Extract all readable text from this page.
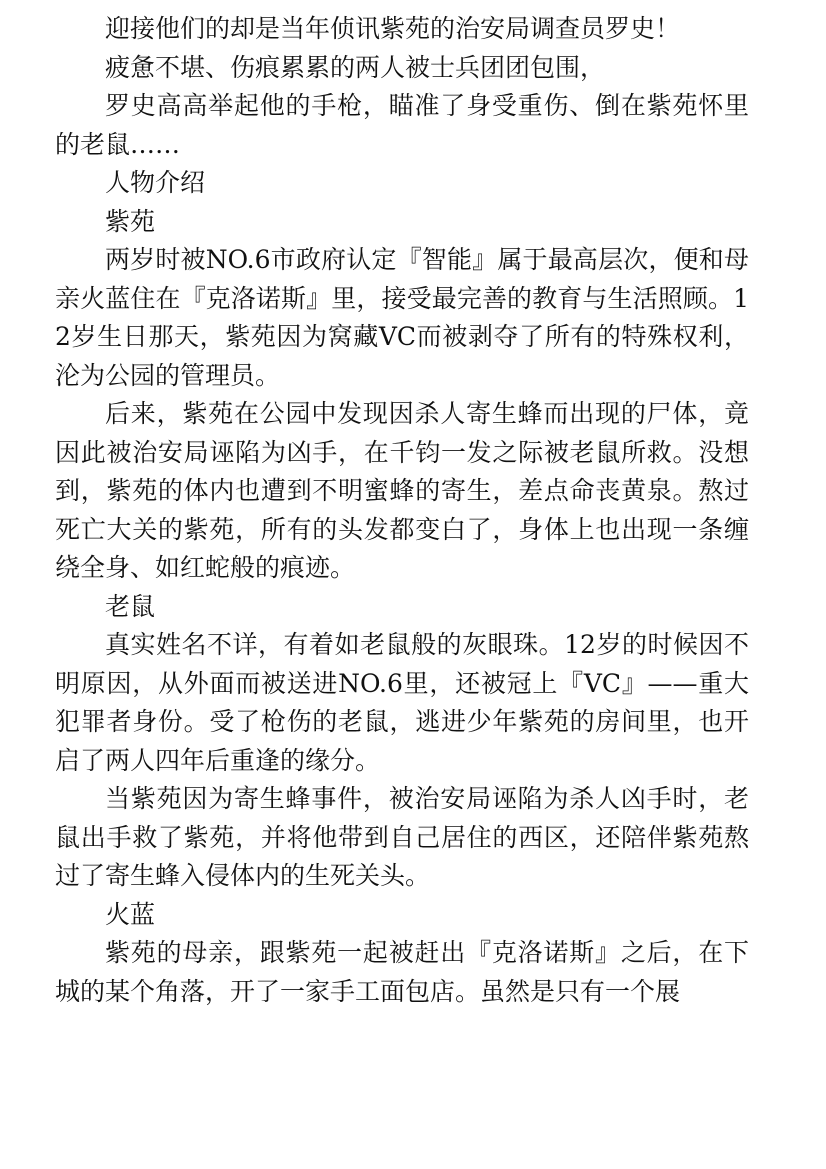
迎接他们的却是当年侦讯紫苑的治安局调查员罗史！

疲惫不堪、伤痕累累的两人被士兵团团包围，

罗史高高举起他的手枪，瞄准了身受重伤、倒在紫苑怀里的老鼠……

人物介绍

紫苑

两岁时被NO.6市政府认定『智能』属于最高层次，便和母亲火蓝住在『克洛诺斯』里，接受最完善的教育与生活照顾。12岁生日那天，紫苑因为窝藏VC而被剥夺了所有的特殊权利，沦为公园的管理员。

后来，紫苑在公园中发现因杀人寄生蜂而出现的尸体，竟因此被治安局诬陷为凶手，在千钧一发之际被老鼠所救。没想到，紫苑的体内也遭到不明蜜蜂的寄生，差点命丧黄泉。熬过死亡大关的紫苑，所有的头发都变白了，身体上也出现一条缠绕全身、如红蛇般的痕迹。

老鼠

真实姓名不详，有着如老鼠般的灰眼珠。12岁的时候因不明原因，从外面而被送进NO.6里，还被冠上『VC』——重大犯罪者身份。受了枪伤的老鼠，逃进少年紫苑的房间里，也开启了两人四年后重逢的缘分。

当紫苑因为寄生蜂事件，被治安局诬陷为杀人凶手时，老鼠出手救了紫苑，并将他带到自己居住的西区，还陪伴紫苑熬过了寄生蜂入侵体内的生死关头。

火蓝

紫苑的母亲，跟紫苑一起被赶出『克洛诺斯』之后，在下城的某个角落，开了一家手工面包店。虽然是只有一个展
